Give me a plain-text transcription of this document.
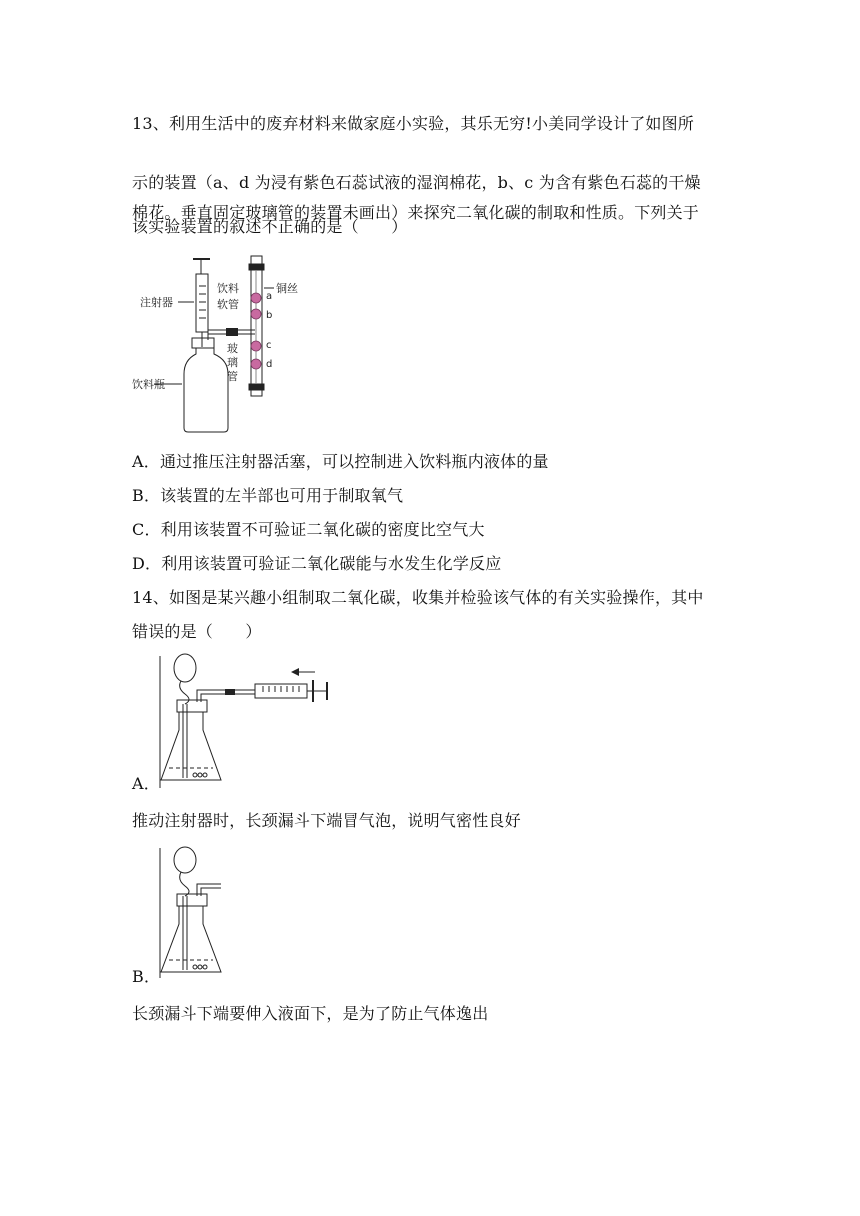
13、利用生活中的废弃材料来做家庭小实验，其乐无穷!小美同学设计了如图所
示的装置（a、d 为浸有紫色石蕊试液的湿润棉花，b、c 为含有紫色石蕊的干燥
棉花。垂直固定玻璃管的装置未画出）来探究二氧化碳的制取和性质。下列关于
该实验装置的叙述不正确的是（　　）
注射器
饮料
软管
玻
璃
管
饮料瓶
铜丝
a
b
c
d
A．通过推压注射器活塞，可以控制进入饮料瓶内液体的量
B．该装置的左半部也可用于制取氧气
C．利用该装置不可验证二氧化碳的密度比空气大
D．利用该装置可验证二氧化碳能与水发生化学反应
14、如图是某兴趣小组制取二氧化碳，收集并检验该气体的有关实验操作，其中
错误的是（　　）
A．
推动注射器时，长颈漏斗下端冒气泡，说明气密性良好
B．
长颈漏斗下端要伸入液面下，是为了防止气体逸出
